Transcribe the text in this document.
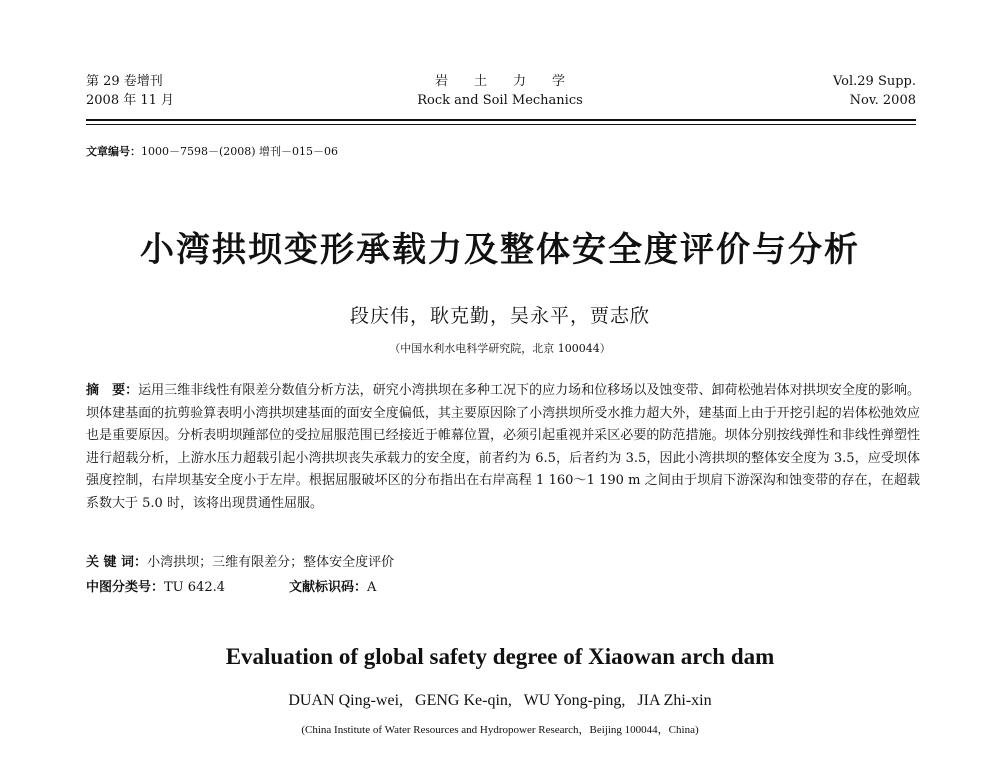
第 29 卷增刊
2008 年 11 月
岩土力学
Rock and Soil Mechanics
Vol.29 Supp.
Nov. 2008
文章编号：1000－7598－(2008) 增刊－015－06
小湾拱坝变形承载力及整体安全度评价与分析
段庆伟，耿克勤，吴永平，贾志欣
（中国水利水电科学研究院，北京 100044）
摘　要：运用三维非线性有限差分数值分析方法，研究小湾拱坝在多种工况下的应力场和位移场以及蚀变带、卸荷松弛岩体对拱坝安全度的影响。坝体建基面的抗剪验算表明小湾拱坝建基面的面安全度偏低，其主要原因除了小湾拱坝所受水推力超大外，建基面上由于开挖引起的岩体松弛效应也是重要原因。分析表明坝踵部位的受拉屈服范围已经接近于帷幕位置，必须引起重视并采区必要的防范措施。坝体分别按线弹性和非线性弹塑性进行超载分析，上游水压力超载引起小湾拱坝丧失承载力的安全度，前者约为 6.5，后者约为 3.5，因此小湾拱坝的整体安全度为 3.5，应受坝体强度控制，右岸坝基安全度小于左岸。根据屈服破坏区的分布指出在右岸高程 1 160～1 190 m 之间由于坝肩下游深沟和蚀变带的存在，在超载系数大于 5.0 时，该将出现贯通性屈服。
关 键 词：小湾拱坝；三维有限差分；整体安全度评价
中图分类号：TU 642.4	文献标识码：A
Evaluation of global safety degree of Xiaowan arch dam
DUAN Qing-wei,   GENG Ke-qin,   WU Yong-ping,   JIA Zhi-xin
(China Institute of Water Resources and Hydropower Research，Beijing 100044，China)
